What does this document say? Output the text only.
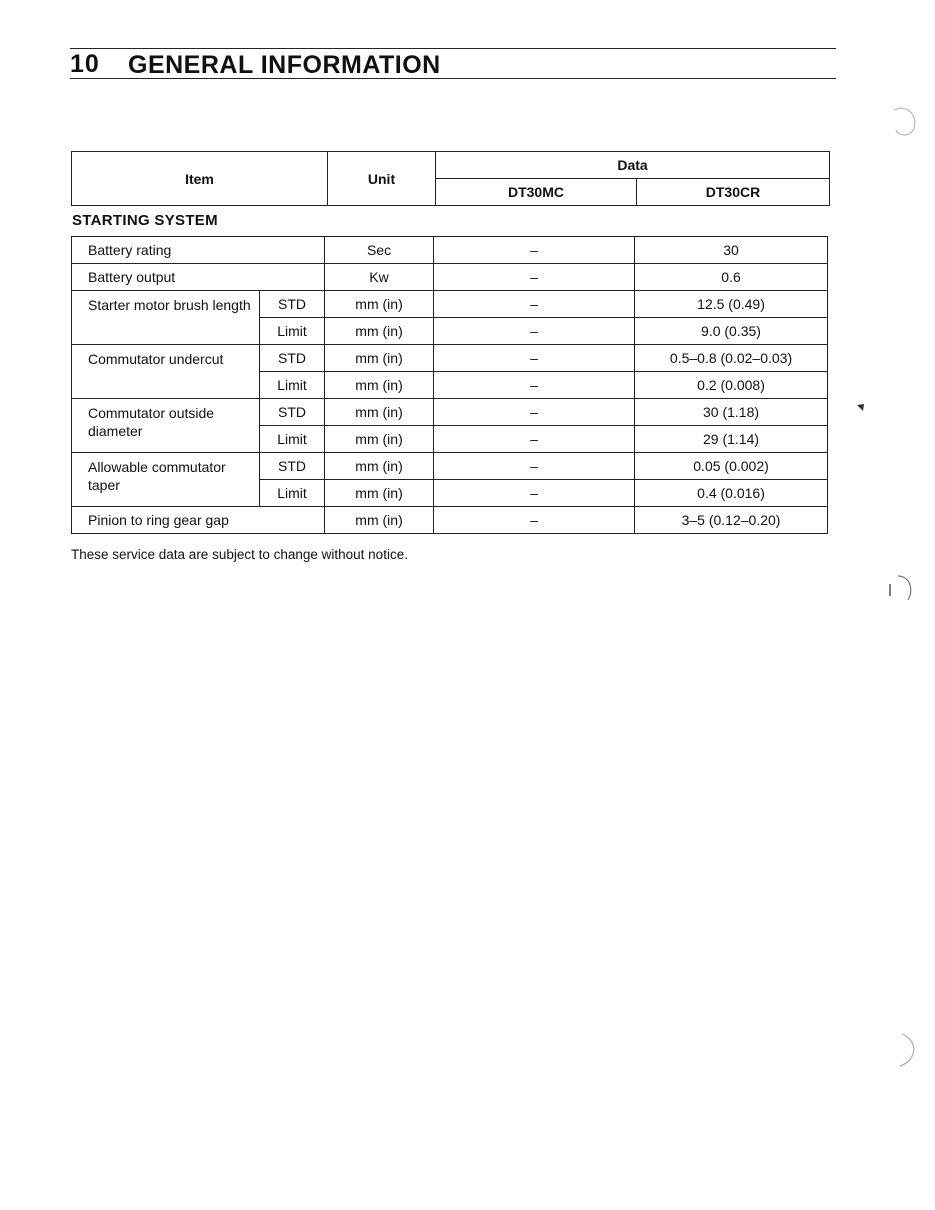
10 GENERAL INFORMATION
Item	Unit	Data	
		DT30MC	DT30CR
STARTING SYSTEM
Battery rating		Sec	–	30
Battery output		Kw	–	0.6
Starter motor brush length	STD	mm (in)	–	12.5 (0.49)
	Limit	mm (in)	–	9.0 (0.35)
Commutator undercut	STD	mm (in)	–	0.5–0.8 (0.02–0.03)
	Limit	mm (in)	–	0.2 (0.008)
Commutator outside diameter	STD	mm (in)	–	30 (1.18)
	Limit	mm (in)	–	29 (1.14)
Allowable commutator taper	STD	mm (in)	–	0.05 (0.002)
	Limit	mm (in)	–	0.4 (0.016)
Pinion to ring gear gap		mm (in)	–	3–5 (0.12–0.20)
These service data are subject to change without notice.
